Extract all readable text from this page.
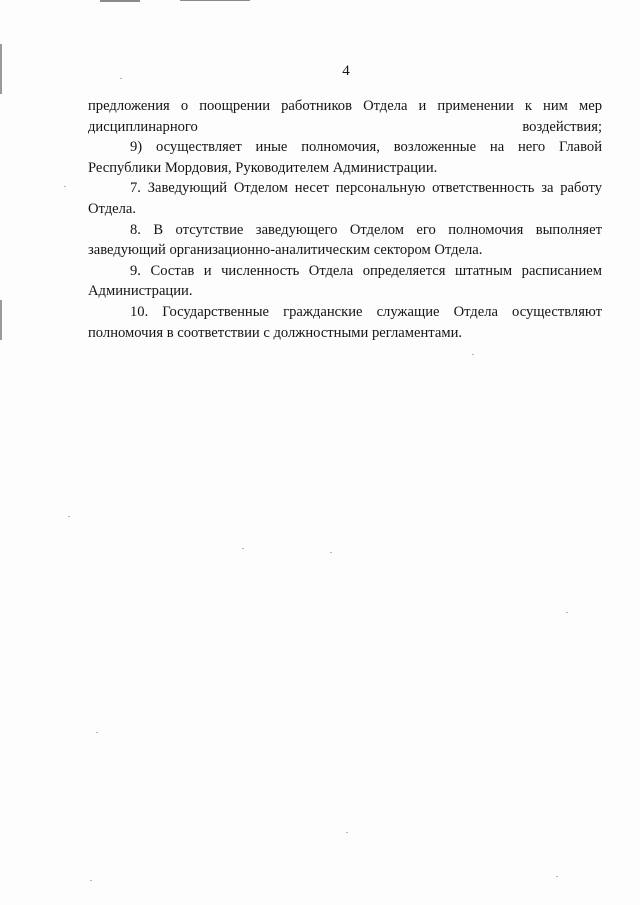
4

предложения о поощрении работников Отдела и применении к ним мер дисциплинарного воздействия;

9) осуществляет иные полномочия, возложенные на него Главой Республики Мордовия, Руководителем Администрации.

7. Заведующий Отделом несет персональную ответственность за работу Отдела.

8. В отсутствие заведующего Отделом его полномочия выполняет заведующий организационно-аналитическим сектором Отдела.

9. Состав и численность Отдела определяется штатным расписанием Администрации.

10. Государственные гражданские служащие Отдела осуществляют полномочия в соответствии с должностными регламентами.
